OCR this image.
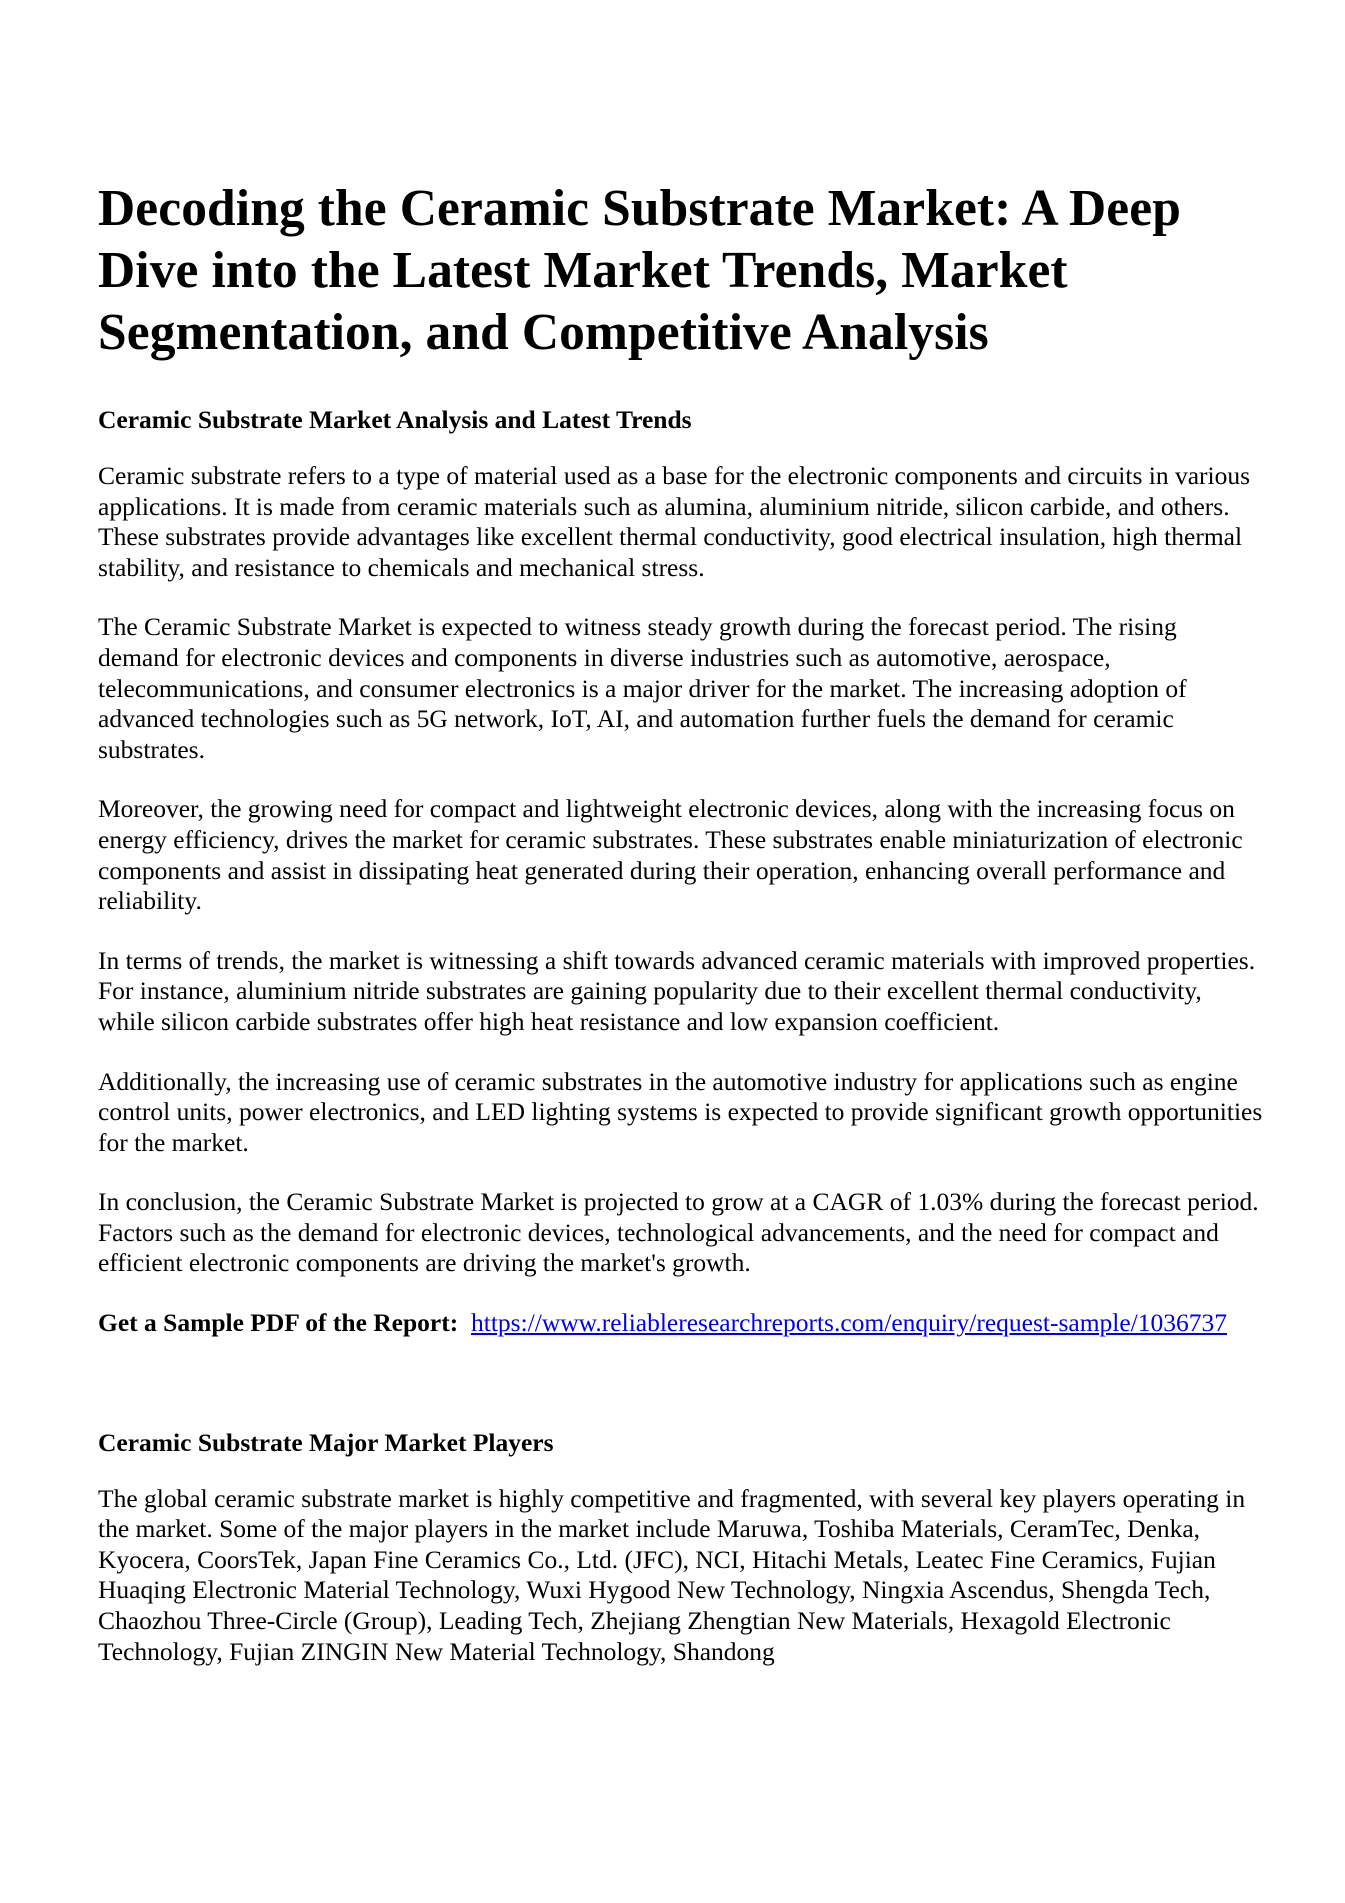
Decoding the Ceramic Substrate Market: A Deep Dive into the Latest Market Trends, Market Segmentation, and Competitive Analysis
Ceramic Substrate Market Analysis and Latest Trends

Ceramic substrate refers to a type of material used as a base for the electronic components and circuits in various applications. It is made from ceramic materials such as alumina, aluminium nitride, silicon carbide, and others. These substrates provide advantages like excellent thermal conductivity, good electrical insulation, high thermal stability, and resistance to chemicals and mechanical stress.

The Ceramic Substrate Market is expected to witness steady growth during the forecast period. The rising demand for electronic devices and components in diverse industries such as automotive, aerospace, telecommunications, and consumer electronics is a major driver for the market. The increasing adoption of advanced technologies such as 5G network, IoT, AI, and automation further fuels the demand for ceramic substrates.

Moreover, the growing need for compact and lightweight electronic devices, along with the increasing focus on energy efficiency, drives the market for ceramic substrates. These substrates enable miniaturization of electronic components and assist in dissipating heat generated during their operation, enhancing overall performance and reliability.

In terms of trends, the market is witnessing a shift towards advanced ceramic materials with improved properties. For instance, aluminium nitride substrates are gaining popularity due to their excellent thermal conductivity, while silicon carbide substrates offer high heat resistance and low expansion coefficient.

Additionally, the increasing use of ceramic substrates in the automotive industry for applications such as engine control units, power electronics, and LED lighting systems is expected to provide significant growth opportunities for the market.

In conclusion, the Ceramic Substrate Market is projected to grow at a CAGR of 1.03% during the forecast period. Factors such as the demand for electronic devices, technological advancements, and the need for compact and efficient electronic components are driving the market's growth.

Get a Sample PDF of the Report: https://www.reliableresearchreports.com/enquiry/request-sample/1036737

Ceramic Substrate Major Market Players

The global ceramic substrate market is highly competitive and fragmented, with several key players operating in the market. Some of the major players in the market include Maruwa, Toshiba Materials, CeramTec, Denka, Kyocera, CoorsTek, Japan Fine Ceramics Co., Ltd. (JFC), NCI, Hitachi Metals, Leatec Fine Ceramics, Fujian Huaqing Electronic Material Technology, Wuxi Hygood New Technology, Ningxia Ascendus, Shengda Tech, Chaozhou Three-Circle (Group), Leading Tech, Zhejiang Zhengtian New Materials, Hexagold Electronic Technology, Fujian ZINGIN New Material Technology, Shandong
